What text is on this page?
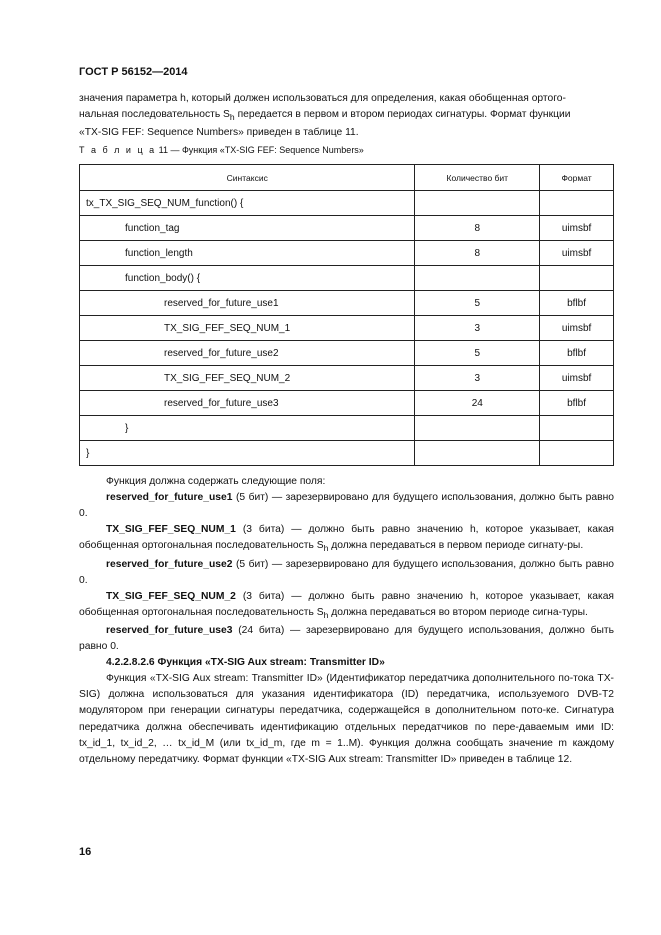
ГОСТ Р 56152—2014
значения параметра h, который должен использоваться для определения, какая обобщенная ортого-
нальная последовательность $S_h$ передается в первом и втором периодах сигнатуры. Формат функции
«TX-SIG FEF: Sequence Numbers» приведен в таблице 11.
Т а б л и ц а 11 — Функция «TX-SIG FEF: Sequence Numbers»
Синтаксис	Количество бит	Формат
tx_TX_SIG_SEQ_NUM_function() {		
function_tag	8	uimsbf
function_length	8	uimsbf
function_body() {		
reserved_for_future_use1	5	bflbf
TX_SIG_FEF_SEQ_NUM_1	3	uimsbf
reserved_for_future_use2	5	bflbf
TX_SIG_FEF_SEQ_NUM_2	3	uimsbf
reserved_for_future_use3	24	bflbf
}		
}		

Функция должна содержать следующие поля:

reserved_for_future_use1 (5 бит) — зарезервировано для будущего использования, должно быть равно 0.

TX_SIG_FEF_SEQ_NUM_1 (3 бита) — должно быть равно значению h, которое указывает, какая обобщенная ортогональная последовательность $S_h$ должна передаваться в первом периоде сигнату-ры.

reserved_for_future_use2 (5 бит) — зарезервировано для будущего использования, должно быть равно 0.

TX_SIG_FEF_SEQ_NUM_2 (3 бита) — должно быть равно значению h, которое указывает, какая обобщенная ортогональная последовательность $S_h$ должна передаваться во втором периоде сигна-туры.

reserved_for_future_use3 (24 бита) — зарезервировано для будущего использования, должно быть равно 0.

4.2.2.8.2.6 Функция «TX-SIG Aux stream: Transmitter ID»

Функция «TX-SIG Aux stream: Transmitter ID» (Идентификатор передатчика дополнительного по-тока TX-SIG) должна использоваться для указания идентификатора (ID) передатчика, используемого DVB-T2 модулятором при генерации сигнатуры передатчика, содержащейся в дополнительном пото-ке. Сигнатура передатчика должна обеспечивать идентификацию отдельных передатчиков по пере-даваемым ими ID: tx_id_1, tx_id_2, … tx_id_M (или tx_id_m, где m = 1..M). Функция должна сообщать значение m каждому отдельному передатчику. Формат функции «TX-SIG Aux stream: Transmitter ID» приведен в таблице 12.

16
